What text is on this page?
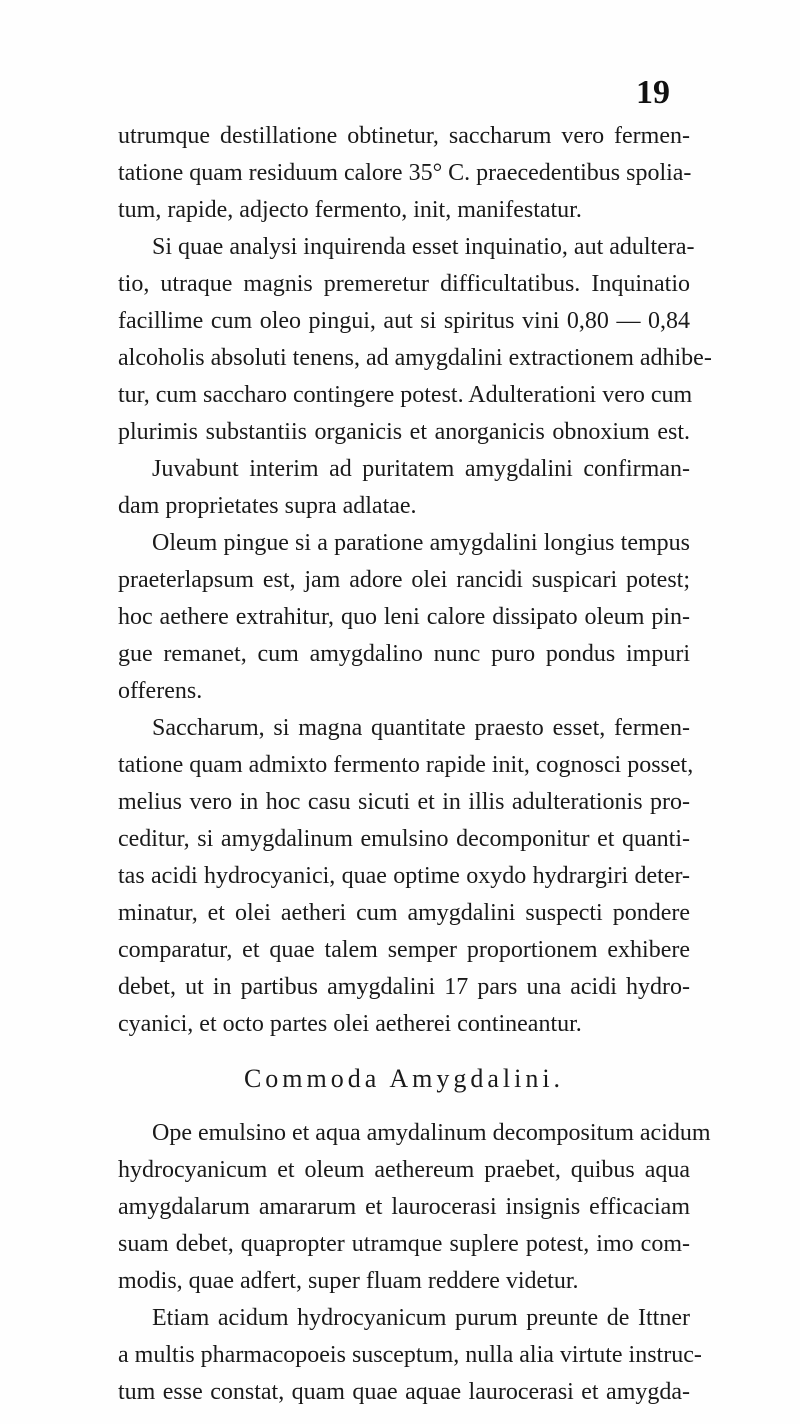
19
utrumque destillatione obtinetur, saccharum vero fermen-
tatione quam residuum calore 35° C. praecedentibus spolia-
tum, rapide, adjecto fermento, init, manifestatur.
Si quae analysi inquirenda esset inquinatio, aut adultera-
tio, utraque magnis premeretur difficultatibus. Inquinatio
facillime cum oleo pingui, aut si spiritus vini 0,80 — 0,84
alcoholis absoluti tenens, ad amygdalini extractionem adhibe-
tur, cum saccharo contingere potest. Adulterationi vero cum
plurimis substantiis organicis et anorganicis obnoxium est.
Juvabunt interim ad puritatem amygdalini confirman-
dam proprietates supra adlatae.
Oleum pingue si a paratione amygdalini longius tempus
praeterlapsum est, jam adore olei rancidi suspicari potest;
hoc aethere extrahitur, quo leni calore dissipato oleum pin-
gue remanet, cum amygdalino nunc puro pondus impuri
offerens.
Saccharum, si magna quantitate praesto esset, fermen-
tatione quam admixto fermento rapide init, cognosci posset,
melius vero in hoc casu sicuti et in illis adulterationis pro-
ceditur, si amygdalinum emulsino decomponitur et quanti-
tas acidi hydrocyanici, quae optime oxydo hydrargiri deter-
minatur, et olei aetheri cum amygdalini suspecti pondere
comparatur, et quae talem semper proportionem exhibere
debet, ut in partibus amygdalini 17 pars una acidi hydro-
cyanici, et octo partes olei aetherei contineantur.
Commoda Amygdalini.
Ope emulsino et aqua amydalinum decompositum acidum
hydrocyanicum et oleum aethereum praebet, quibus aqua
amygdalarum amararum et laurocerasi insignis efficaciam
suam debet, quapropter utramque suplere potest, imo com-
modis, quae adfert, super fluam reddere videtur.
Etiam acidum hydrocyanicum purum preunte de Ittner
a multis pharmacopoeis susceptum, nulla alia virtute instruc-
tum esse constat, quam quae aquae laurocerasi et amygda-
